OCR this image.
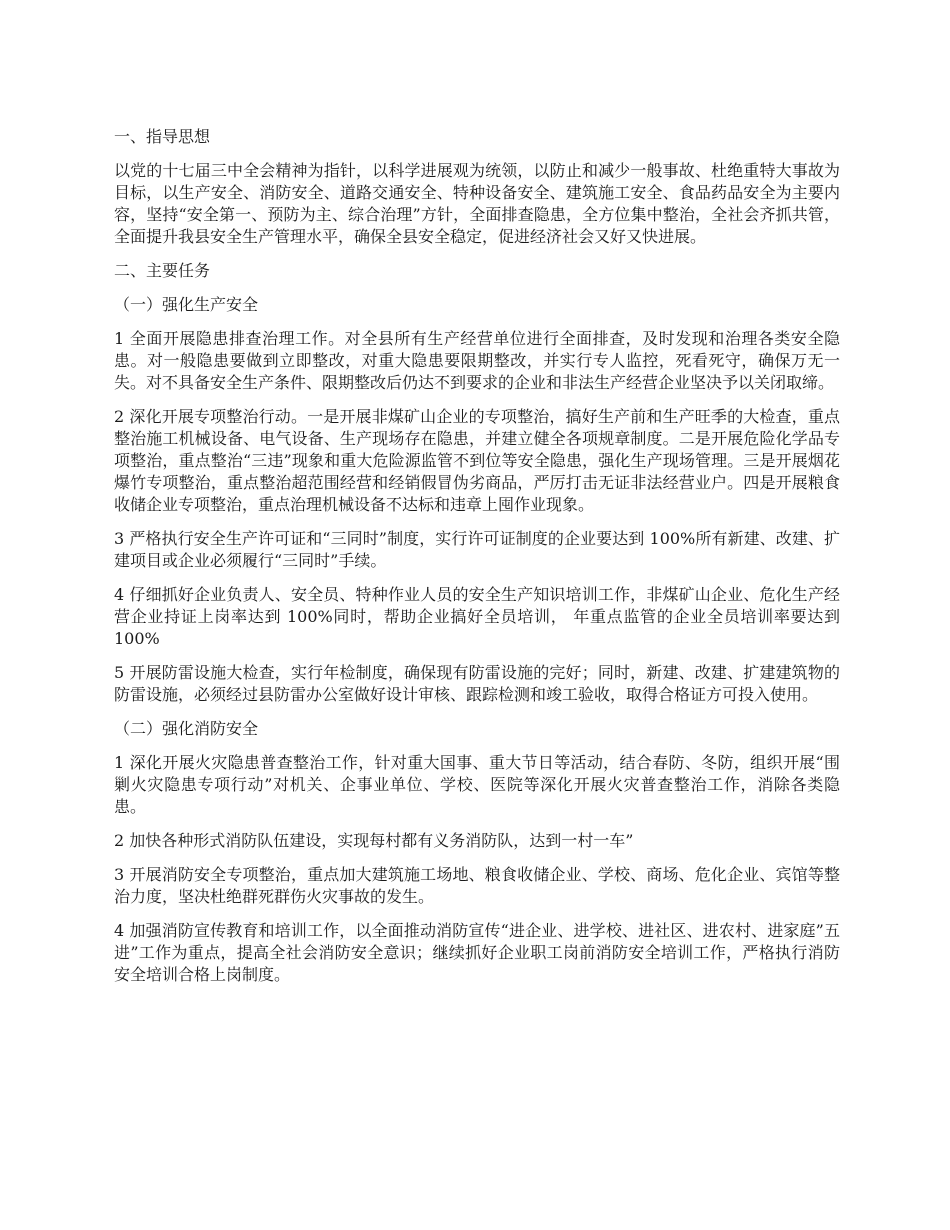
一、指导思想

以党的十七届三中全会精神为指针，以科学进展观为统领，以防止和减少一般事故、杜绝重特大事故为目标，以生产安全、消防安全、道路交通安全、特种设备安全、建筑施工安全、食品药品安全为主要内容，坚持“安全第一、预防为主、综合治理”方针，全面排查隐患，全方位集中整治，全社会齐抓共管，全面提升我县安全生产管理水平，确保全县安全稳定，促进经济社会又好又快进展。

二、主要任务

（一）强化生产安全

1 全面开展隐患排查治理工作。对全县所有生产经营单位进行全面排查，及时发现和治理各类安全隐患。对一般隐患要做到立即整改，对重大隐患要限期整改，并实行专人监控，死看死守，确保万无一失。对不具备安全生产条件、限期整改后仍达不到要求的企业和非法生产经营企业坚决予以关闭取缔。

2 深化开展专项整治行动。一是开展非煤矿山企业的专项整治，搞好生产前和生产旺季的大检查，重点整治施工机械设备、电气设备、生产现场存在隐患，并建立健全各项规章制度。二是开展危险化学品专项整治，重点整治“三违”现象和重大危险源监管不到位等安全隐患，强化生产现场管理。三是开展烟花爆竹专项整治，重点整治超范围经营和经销假冒伪劣商品，严厉打击无证非法经营业户。四是开展粮食收储企业专项整治，重点治理机械设备不达标和违章上囤作业现象。

3 严格执行安全生产许可证和“三同时”制度，实行许可证制度的企业要达到 100%所有新建、改建、扩建项目或企业必须履行“三同时”手续。

4 仔细抓好企业负责人、安全员、特种作业人员的安全生产知识培训工作，非煤矿山企业、危化生产经营企业持证上岗率达到 100%同时，帮助企业搞好全员培训， 年重点监管的企业全员培训率要达到 100%

5 开展防雷设施大检查，实行年检制度，确保现有防雷设施的完好；同时，新建、改建、扩建建筑物的防雷设施，必须经过县防雷办公室做好设计审核、跟踪检测和竣工验收，取得合格证方可投入使用。

（二）强化消防安全

1 深化开展火灾隐患普查整治工作，针对重大国事、重大节日等活动，结合春防、冬防，组织开展“围剿火灾隐患专项行动”对机关、企事业单位、学校、医院等深化开展火灾普查整治工作，消除各类隐患。

2 加快各种形式消防队伍建设，实现每村都有义务消防队，达到一村一车”

3 开展消防安全专项整治，重点加大建筑施工场地、粮食收储企业、学校、商场、危化企业、宾馆等整治力度，坚决杜绝群死群伤火灾事故的发生。

4 加强消防宣传教育和培训工作，以全面推动消防宣传“进企业、进学校、进社区、进农村、进家庭”五进”工作为重点，提高全社会消防安全意识；继续抓好企业职工岗前消防安全培训工作，严格执行消防安全培训合格上岗制度。
